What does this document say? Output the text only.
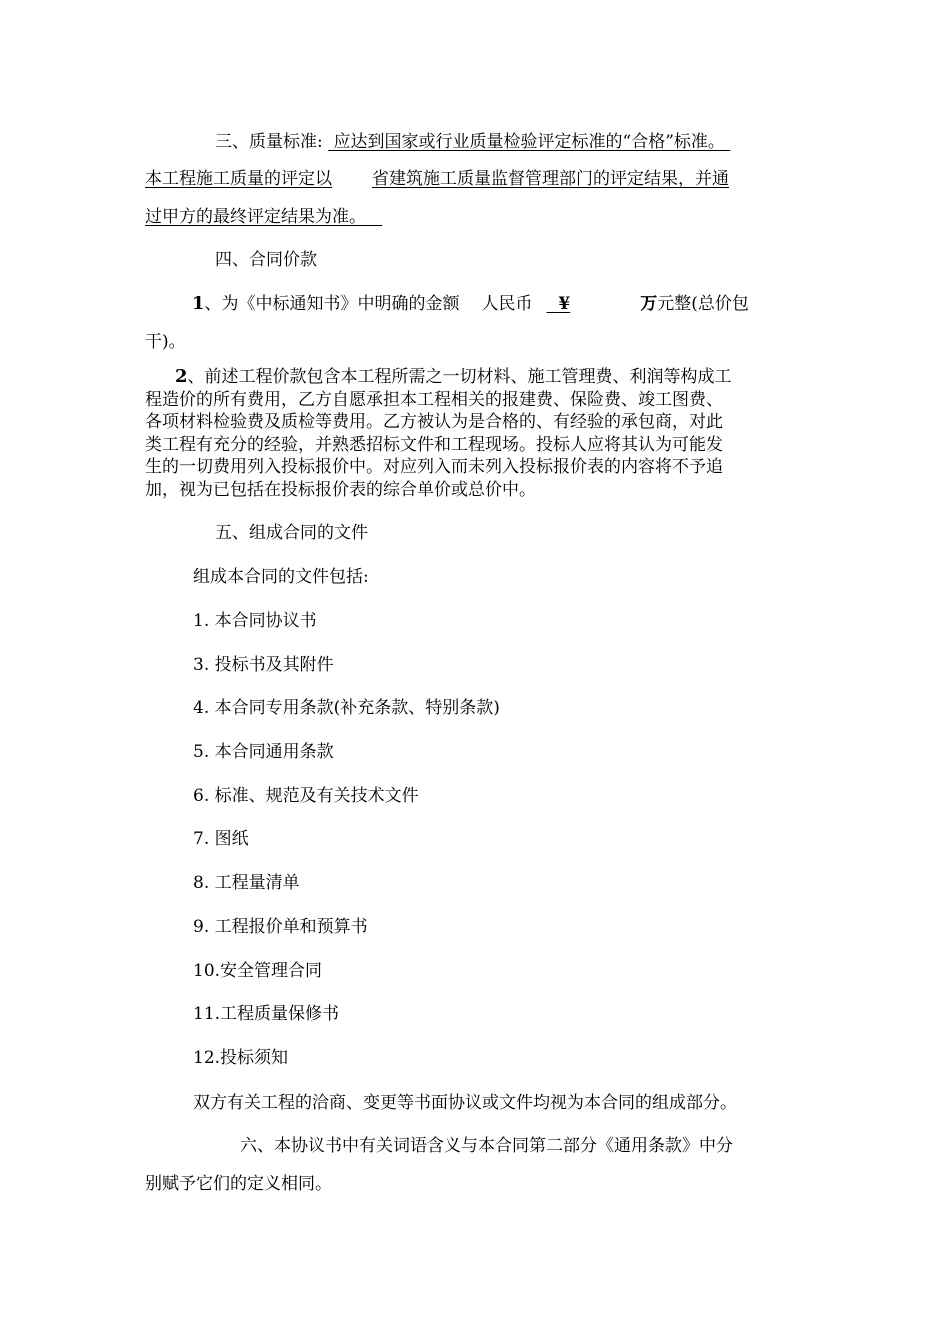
三、质量标准: 应达到国家或行业质量检验评定标准的“合格”标准。
本工程施工质量的评定以 省建筑施工质量监督管理部门的评定结果，并通
过甲方的最终评定结果为准。
四、合同价款
1、为《中标通知书》中明确的金额 人民币 ¥	万元整(总价包
干)。
2、前述工程价款包含本工程所需之一切材料、施工管理费、利润等构成工
程造价的所有费用，乙方自愿承担本工程相关的报建费、保险费、竣工图费、
各项材料检验费及质检等费用。乙方被认为是合格的、有经验的承包商，对此
类工程有充分的经验，并熟悉招标文件和工程现场。投标人应将其认为可能发
生的一切费用列入投标报价中。对应列入而未列入投标报价表的内容将不予追
加，视为已包括在投标报价表的综合单价或总价中。
五、组成合同的文件
组成本合同的文件包括:
1. 本合同协议书
3. 投标书及其附件
4. 本合同专用条款(补充条款、特别条款)
5. 本合同通用条款
6. 标准、规范及有关技术文件
7. 图纸
8. 工程量清单
9. 工程报价单和预算书
10.安全管理合同
11.工程质量保修书
12.投标须知
双方有关工程的洽商、变更等书面协议或文件均视为本合同的组成部分。
六、本协议书中有关词语含义与本合同第二部分《通用条款》中分
别赋予它们的定义相同。
